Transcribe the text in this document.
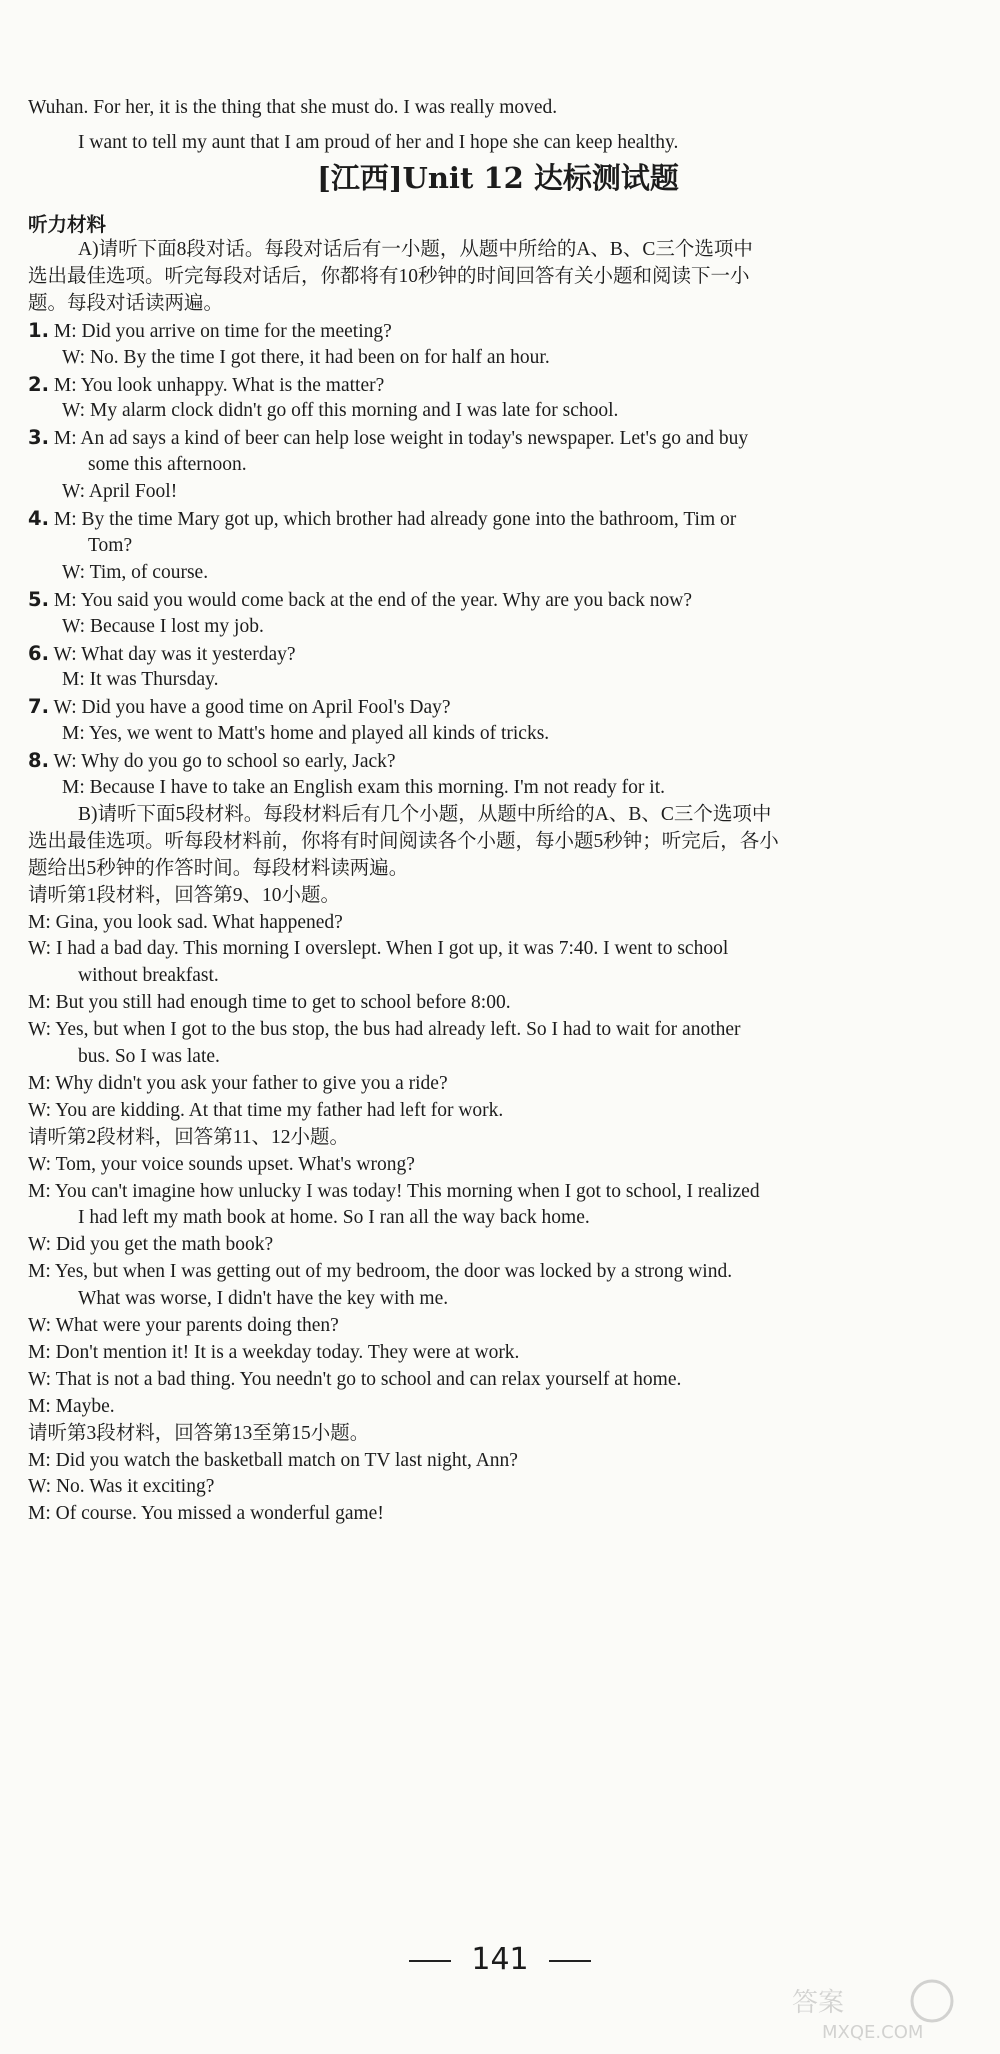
Wuhan. For her, it is the thing that she must do. I was really moved.
I want to tell my aunt that I am proud of her and I hope she can keep healthy.
[江西]Unit 12 达标测试题
听力材料
A)请听下面8段对话。每段对话后有一小题，从题中所给的A、B、C三个选项中
选出最佳选项。听完每段对话后，你都将有10秒钟的时间回答有关小题和阅读下一小
题。每段对话读两遍。
1. M: Did you arrive on time for the meeting?
W: No. By the time I got there, it had been on for half an hour.
2. M: You look unhappy. What is the matter?
W: My alarm clock didn't go off this morning and I was late for school.
3. M: An ad says a kind of beer can help lose weight in today's newspaper. Let's go and buy
some this afternoon.
W: April Fool!
4. M: By the time Mary got up, which brother had already gone into the bathroom, Tim or
Tom?
W: Tim, of course.
5. M: You said you would come back at the end of the year. Why are you back now?
W: Because I lost my job.
6. W: What day was it yesterday?
M: It was Thursday.
7. W: Did you have a good time on April Fool's Day?
M: Yes, we went to Matt's home and played all kinds of tricks.
8. W: Why do you go to school so early, Jack?
M: Because I have to take an English exam this morning. I'm not ready for it.
B)请听下面5段材料。每段材料后有几个小题，从题中所给的A、B、C三个选项中
选出最佳选项。听每段材料前，你将有时间阅读各个小题，每小题5秒钟；听完后，各小
题给出5秒钟的作答时间。每段材料读两遍。
请听第1段材料，回答第9、10小题。
M: Gina, you look sad. What happened?
W: I had a bad day. This morning I overslept. When I got up, it was 7:40. I went to school
without breakfast.
M: But you still had enough time to get to school before 8:00.
W: Yes, but when I got to the bus stop, the bus had already left. So I had to wait for another
bus. So I was late.
M: Why didn't you ask your father to give you a ride?
W: You are kidding. At that time my father had left for work.
请听第2段材料，回答第11、12小题。
W: Tom, your voice sounds upset. What's wrong?
M: You can't imagine how unlucky I was today! This morning when I got to school, I realized
I had left my math book at home. So I ran all the way back home.
W: Did you get the math book?
M: Yes, but when I was getting out of my bedroom, the door was locked by a strong wind.
What was worse, I didn't have the key with me.
W: What were your parents doing then?
M: Don't mention it! It is a weekday today. They were at work.
W: That is not a bad thing. You needn't go to school and can relax yourself at home.
M: Maybe.
请听第3段材料，回答第13至第15小题。
M: Did you watch the basketball match on TV last night, Ann?
W: No. Was it exciting?
M: Of course. You missed a wonderful game!
141
答案
MXQE.COM
